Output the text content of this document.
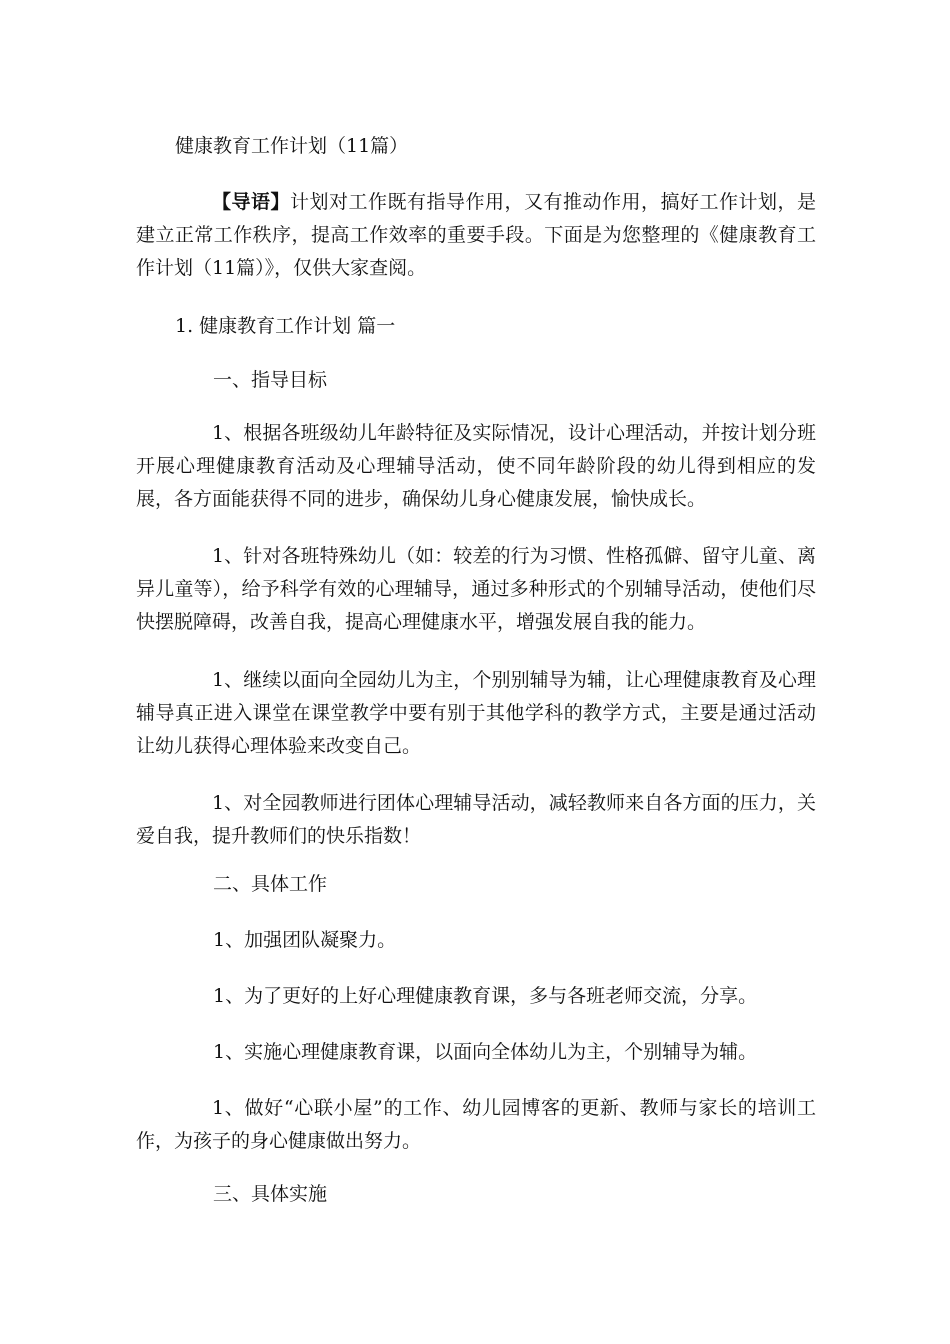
健康教育工作计划（11篇）

【导语】计划对工作既有指导作用，又有推动作用，搞好工作计划，是建立正常工作秩序，提高工作效率的重要手段。下面是为您整理的《健康教育工作计划（11篇）》，仅供大家查阅。

1. 健康教育工作计划 篇一

一、指导目标

1、根据各班级幼儿年龄特征及实际情况，设计心理活动，并按计划分班开展心理健康教育活动及心理辅导活动，使不同年龄阶段的幼儿得到相应的发展，各方面能获得不同的进步，确保幼儿身心健康发展，愉快成长。

1、针对各班特殊幼儿（如：较差的行为习惯、性格孤僻、留守儿童、离异儿童等），给予科学有效的心理辅导，通过多种形式的个别辅导活动，使他们尽快摆脱障碍，改善自我，提高心理健康水平，增强发展自我的能力。

1、继续以面向全园幼儿为主，个别别辅导为辅，让心理健康教育及心理辅导真正进入课堂在课堂教学中要有别于其他学科的教学方式，主要是通过活动让幼儿获得心理体验来改变自己。

1、对全园教师进行团体心理辅导活动，减轻教师来自各方面的压力，关爱自我，提升教师们的快乐指数！

二、具体工作

1、加强团队凝聚力。

1、为了更好的上好心理健康教育课，多与各班老师交流，分享。

1、实施心理健康教育课，以面向全体幼儿为主，个别辅导为辅。

1、做好“心联小屋”的工作、幼儿园博客的更新、教师与家长的培训工作，为孩子的身心健康做出努力。

三、具体实施
